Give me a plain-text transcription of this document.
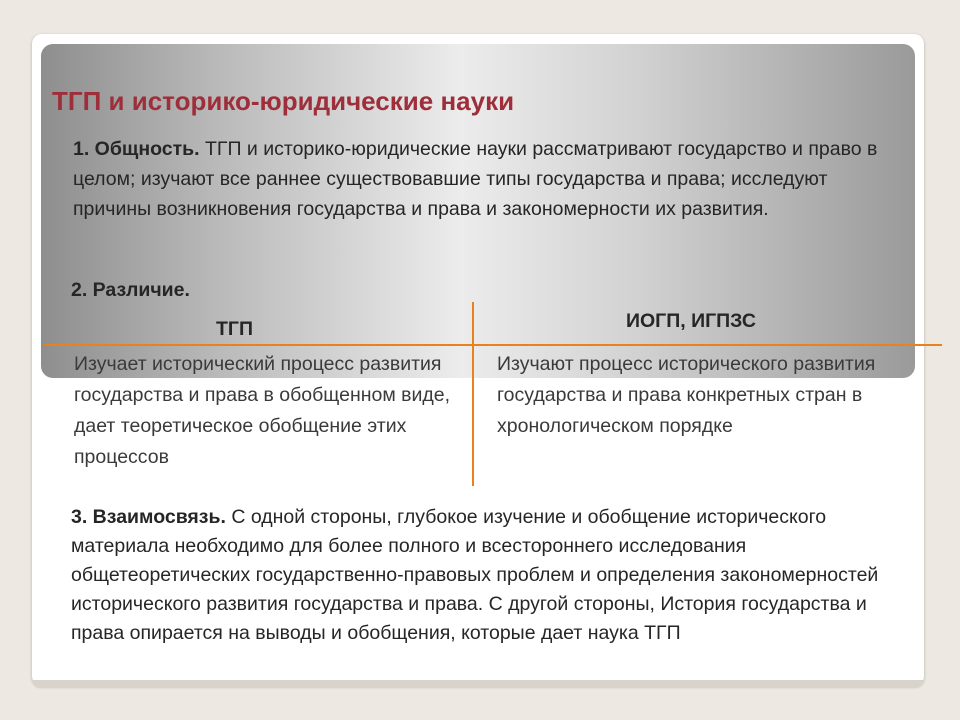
ТГП и историко-юридические науки
1. Общность. ТГП и историко-юридические науки рассматривают государство и право в целом; изучают все раннее существовавшие типы государства и права; исследуют причины возникновения государства и права и закономерности их развития.
2. Различие.
ТГП	ИОГП, ИГПЗС
Изучает исторический процесс развития государства и права в обобщенном виде, дает теоретическое обобщение этих процессов
Изучают процесс исторического развития государства и права конкретных стран в хронологическом порядке
3. Взаимосвязь. С одной стороны, глубокое изучение и обобщение исторического материала необходимо для более полного и всестороннего исследования общетеоретических государственно-правовых проблем и определения закономерностей исторического развития государства и права. С другой стороны, История государства и права опирается на выводы и обобщения, которые дает наука ТГП
